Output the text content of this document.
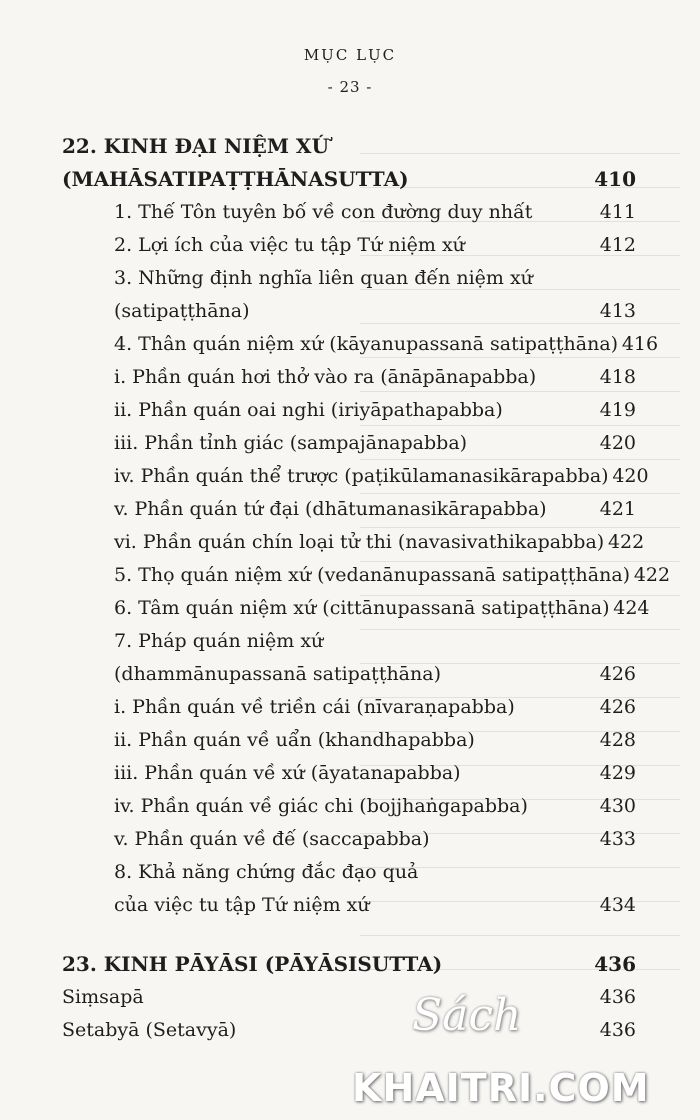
MỤC LỤC
- 23 -
22. KINH ĐẠI NIỆM XỨ
(MAHĀSATIPAṬṬHĀNASUTTA)	410
1. Thế Tôn tuyên bố về con đường duy nhất	411
2. Lợi ích của việc tu tập Tứ niệm xứ	412
3. Những định nghĩa liên quan đến niệm xứ
(satipaṭṭhāna)	413
4. Thân quán niệm xứ (kāyanupassanā satipaṭṭhāna) 416
i. Phần quán hơi thở vào ra (ānāpānapabba)	418
ii. Phần quán oai nghi (iriyāpathapabba)	419
iii. Phần tỉnh giác (sampajānapabba)	420
iv. Phần quán thể trược (paṭikūlamanasikārapabba) 420
v. Phần quán tứ đại (dhātumanasikārapabba)	421
vi. Phần quán chín loại tử thi (navasivathikapabba) 422
5. Thọ quán niệm xứ (vedanānupassanā satipaṭṭhāna) 422
6. Tâm quán niệm xứ (cittānupassanā satipaṭṭhāna) 424
7. Pháp quán niệm xứ
(dhammānupassanā satipaṭṭhāna)	426
i. Phần quán về triền cái (nīvaraṇapabba)	426
ii. Phần quán về uẩn (khandhapabba)	428
iii. Phần quán về xứ (āyatanapabba)	429
iv. Phần quán về giác chi (bojjhaṅgapabba)	430
v. Phần quán về đế (saccapabba)	433
8. Khả năng chứng đắc đạo quả
của việc tu tập Tứ niệm xứ	434
23. KINH PĀYĀSI (PĀYĀSISUTTA)	436
Siṃsapā	436
Setabyā (Setavyā)	436
Sách
KHAITRI.COM
